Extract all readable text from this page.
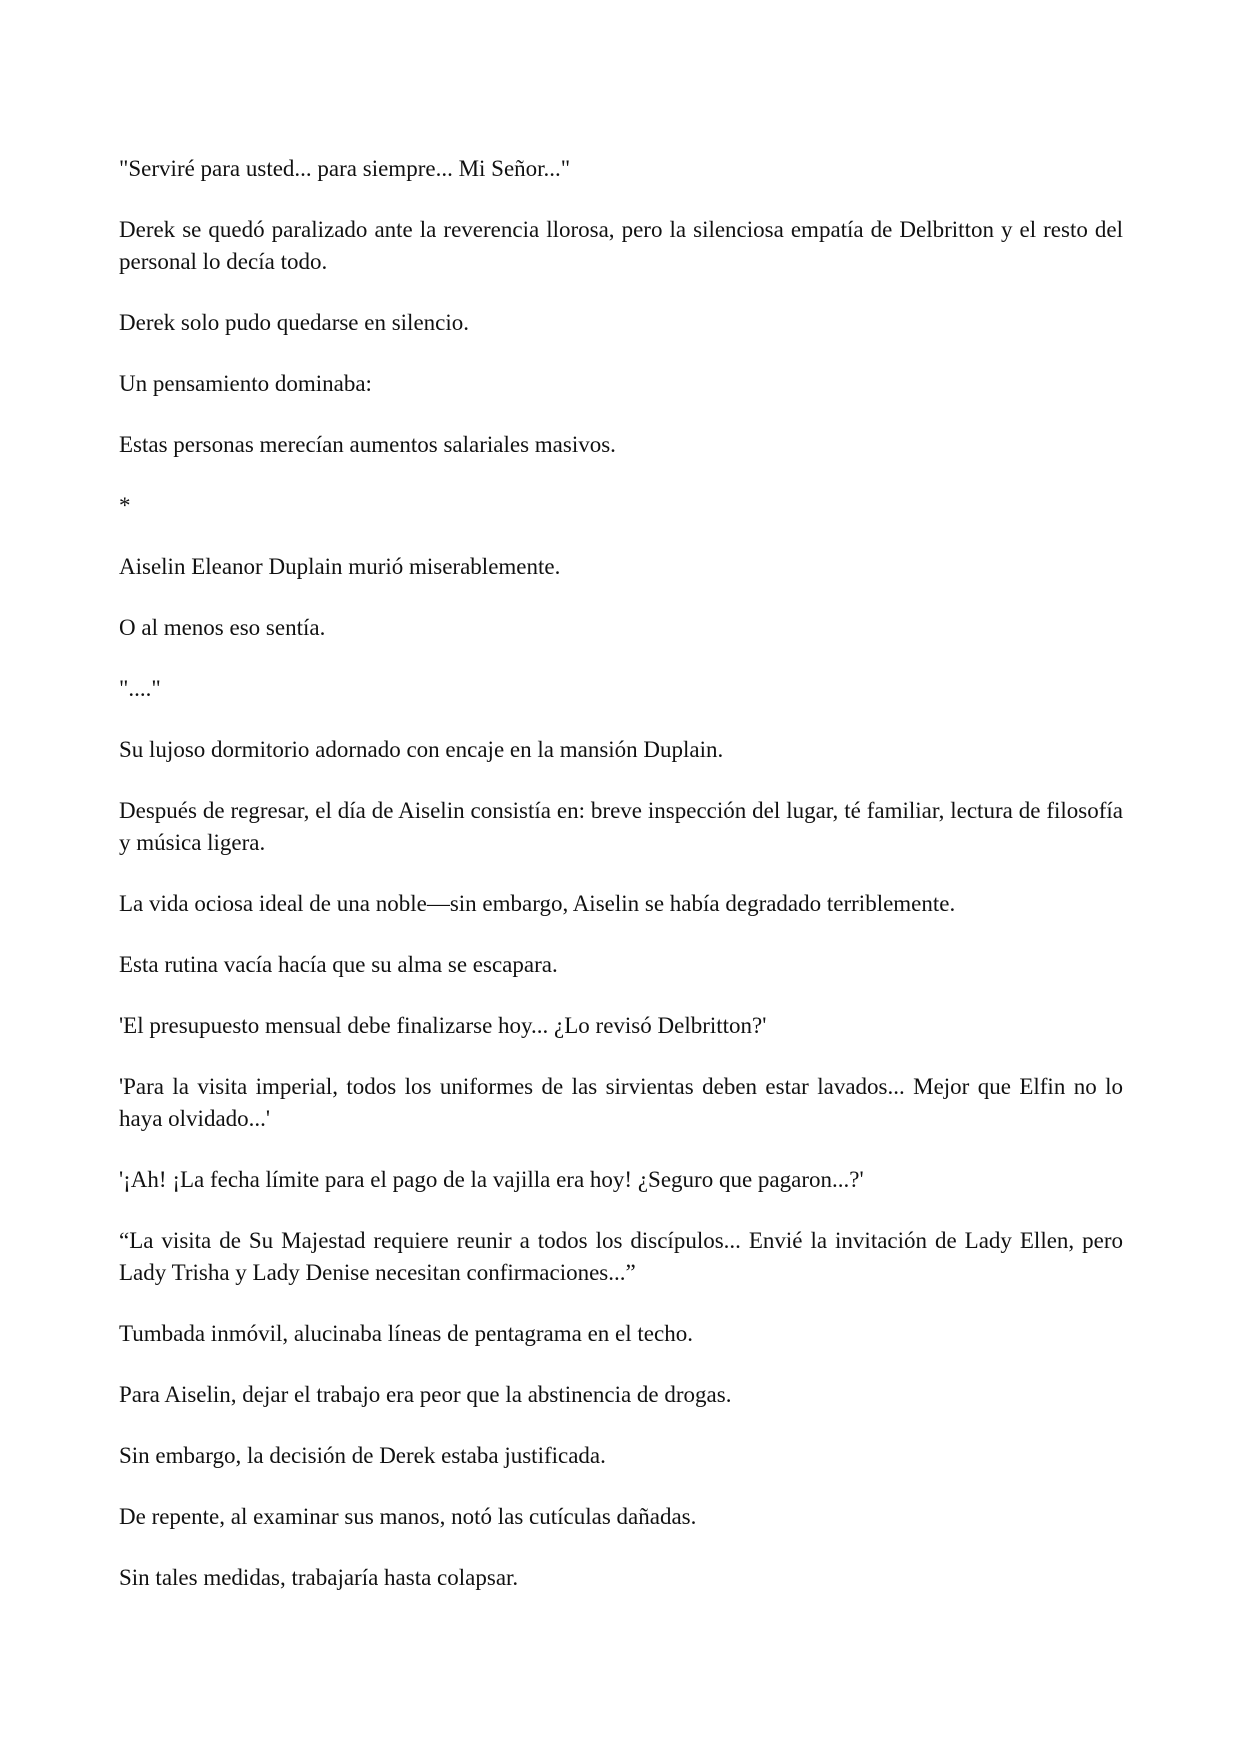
"Serviré para usted... para siempre... Mi Señor..."

Derek se quedó paralizado ante la reverencia llorosa, pero la silenciosa empatía de Delbritton y el resto del personal lo decía todo.

Derek solo pudo quedarse en silencio.

Un pensamiento dominaba:

Estas personas merecían aumentos salariales masivos.

*

Aiselin Eleanor Duplain murió miserablemente.

O al menos eso sentía.

"...."

Su lujoso dormitorio adornado con encaje en la mansión Duplain.

Después de regresar, el día de Aiselin consistía en: breve inspección del lugar, té familiar, lectura de filosofía y música ligera.

La vida ociosa ideal de una noble—sin embargo, Aiselin se había degradado terriblemente.

Esta rutina vacía hacía que su alma se escapara.

'El presupuesto mensual debe finalizarse hoy... ¿Lo revisó Delbritton?'

'Para la visita imperial, todos los uniformes de las sirvientas deben estar lavados... Mejor que Elfin no lo haya olvidado...'

'¡Ah! ¡La fecha límite para el pago de la vajilla era hoy! ¿Seguro que pagaron...?'

“La visita de Su Majestad requiere reunir a todos los discípulos... Envié la invitación de Lady Ellen, pero Lady Trisha y Lady Denise necesitan confirmaciones...”

Tumbada inmóvil, alucinaba líneas de pentagrama en el techo.

Para Aiselin, dejar el trabajo era peor que la abstinencia de drogas.

Sin embargo, la decisión de Derek estaba justificada.

De repente, al examinar sus manos, notó las cutículas dañadas.

Sin tales medidas, trabajaría hasta colapsar.
